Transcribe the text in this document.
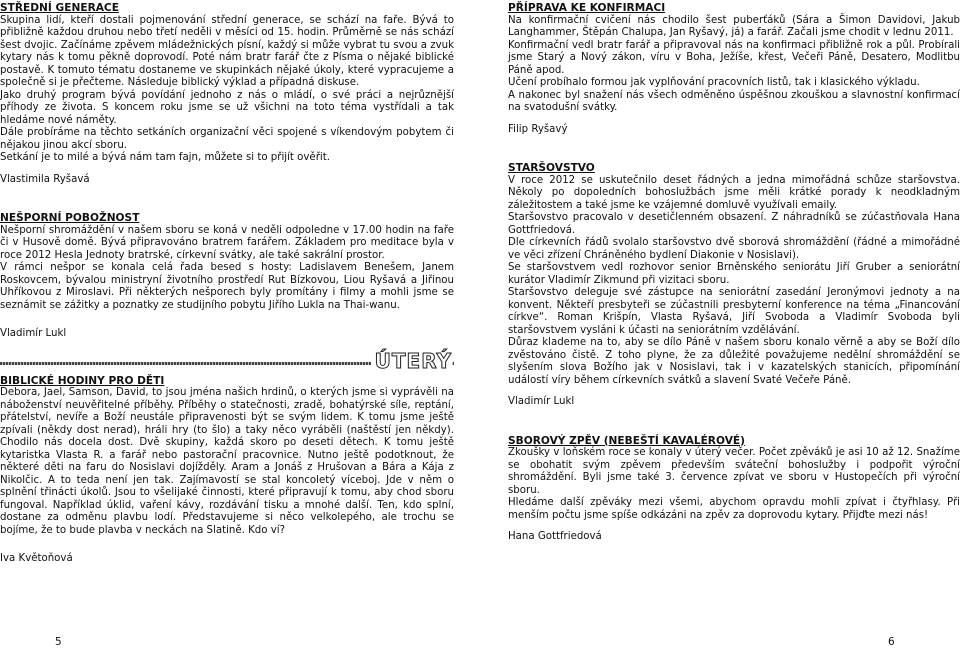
STŘEDNÍ GENERACE

Skupina lidí, kteří dostali pojmenování střední generace, se schází na faře. Bývá to přibližně každou druhou nebo třetí neděli v měsíci od 15. hodin. Průměrně se nás schází šest dvojic. Začínáme zpěvem mládežnických písní, každý si může vybrat tu svou a zvuk kytary nás k tomu pěkně doprovodí. Poté nám bratr farář čte z Písma o nějaké biblické postavě. K tomuto tématu dostaneme ve skupinkách nějaké úkoly, které vypracujeme a společně si je přečteme. Následuje biblický výklad a případná diskuse.

Jako druhý program bývá povídání jednoho z nás o mládí, o své práci a nejrůznější příhody ze života. S koncem roku jsme se už všichni na toto téma vystřídali a tak hledáme nové náměty.

Dále probíráme na těchto setkáních organizační věci spojené s víkendovým pobytem či nějakou jinou akcí sboru.

Setkání je to milé a bývá nám tam fajn, můžete si to přijít ověřit.

Vlastimila Ryšavá

NEŠPORNÍ POBOŽNOST

Nešporní shromáždění v našem sboru se koná v neděli odpoledne v 17.00 hodin na faře či v Husově domě. Bývá připravováno bratrem farářem. Základem pro meditace byla v roce 2012 Hesla Jednoty bratrské, církevní svátky, ale také sakrální prostor.

V rámci nešpor se konala celá řada besed s hosty: Ladislavem Benešem, Janem Roskovcem, bývalou ministryní životního prostředí Rut Bízkovou, Liou Ryšavá a Jiřinou Uhříkovou z Miroslavi. Při některých nešporech byly promítány i filmy a mohli jsme se seznámit se zážitky a poznatky ze studijního pobytu Jiřího Lukla na Thai-wanu.

Vladimír Lukl

ÚTERÝ
BIBLICKÉ HODINY PRO DĚTI

Debora, Jael, Samson, David, to jsou jména našich hrdinů, o kterých jsme si vyprávěli na náboženství neuvěřitelné příběhy. Příběhy o statečnosti, zradě, bohatýrské síle, reptání, přátelství, nevíře a Boží neustále připravenosti být se svým lidem. K tomu jsme ještě zpívali (někdy dost nerad), hráli hry (to šlo) a taky něco vyráběli (naštěstí jen někdy). Chodilo nás docela dost. Dvě skupiny, každá skoro po deseti dětech. K tomu ještě kytaristka Vlasta R. a farář nebo pastorační pracovnice. Nutno ještě podotknout, že některé děti na faru do Nosislavi dojížděly. Aram a Jonáš z Hrušovan a Bára a Kája z Nikolčic. A to teda není jen tak. Zajímavostí se stal koncoletý víceboj. Jde v něm o splnění třinácti úkolů. Jsou to všelijaké činnosti, které připravují k tomu, aby chod sboru fungoval. Například úklid, vaření kávy, rozdávání tisku a mnohé další. Ten, kdo splní, dostane za odměnu plavbu lodí. Představujeme si něco velkolepého, ale trochu se bojíme, že to bude plavba v neckách na Slatině. Kdo ví?

Iva Květoňová

PŘÍPRAVA KE KONFIRMACI

Na konfirmační cvičení nás chodilo šest puberťáků (Sára a Šimon Davidovi, Jakub Langhammer, Štěpán Chalupa, Jan Ryšavý, já) a farář. Začali jsme chodit v lednu 2011.

Konfirmační vedl bratr farář a připravoval nás na konfirmaci přibližně rok a půl. Probírali jsme Starý a Nový zákon, víru v Boha, Ježíše, křest, Večeři Páně, Desatero, Modlitbu Páně apod.

Učení probíhalo formou jak vyplňování pracovních listů, tak i klasického výkladu.

A nakonec byl snažení nás všech odměněno úspěšnou zkouškou a slavnostní konfirmací na svatodušní svátky.

Filip Ryšavý

STARŠOVSTVO

V roce 2012 se uskutečnilo deset řádných a jedna mimořádná schůze staršovstva. Několy po dopoledních bohoslužbách jsme měli krátké porady k neodkladným záležitostem a také jsme ke vzájemné domluvě využívali emaily.

Staršovstvo pracovalo v desetičlenném obsazení. Z náhradníků se zúčastňovala Hana Gottfriedová.

Dle církevních řádů svolalo staršovstvo dvě sborová shromáždění (řádné a mimořádné ve věci zřízení Chráněného bydlení Diakonie v Nosislavi).

Se staršovstvem vedl rozhovor senior Brněnského seniorátu Jiří Gruber a seniorátní kurátor Vladimír Zikmund při vizitaci sboru.

Staršovstvo deleguje své zástupce na seniorátní zasedání Jeronýmovi jednoty a na konvent. Někteří presbyteři se zúčastnili presbyterní konference na téma „Financování církve“. Roman Krišpín, Vlasta Ryšavá, Jiří Svoboda a Vladimír Svoboda byli staršovstvem vysláni k účasti na seniorátním vzdělávání.

Důraz klademe na to, aby se dílo Páně v našem sboru konalo věrně a aby se Boží dílo zvěstováno čistě. Z toho plyne, že za důležité považujeme nedělní shromáždění se slyšením slova Božího jak v Nosislavi, tak i v kazatelských stanicích, připomínání událostí víry během církevních svátků a slavení Svaté Večeře Páně.

Vladimír Lukl

SBOROVÝ ZPĚV (NEBEŠTÍ KAVALÉROVÉ)

Zkoušky v loňském roce se konaly v úterý večer. Počet zpěváků je asi 10 až 12. Snažíme se obohatit svým zpěvem především sváteční bohoslužby i podpořit výroční shromáždění. Byli jsme také 3. července zpívat ve sboru v Hustopečích při výroční sboru.

Hledáme další zpěváky mezi všemi, abychom opravdu mohli zpívat i čtyřhlasy. Při menším počtu jsme spíše odkázáni na zpěv za doprovodu kytary. Přijďte mezi nás!

Hana Gottfriedová

5	6
